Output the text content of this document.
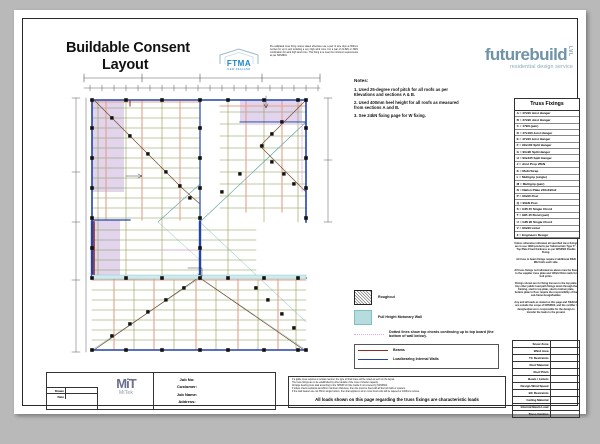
Buildable Consent
Layout	FTMA
NEW ZEALAND
Pre-nailplated truss fixing unless stated otherwise use a pair of wire clips at 600mm centres for up to and including a very high wind zone. For a pair of 21.8kN or 30kN combination for wind high wind zone. This fixing is to meet the minimum requirements as per NZS3604.	futurebuildLVL
residential design service
Notes:
1. Used 25-degree roof pitch for all roofs as per Elevations and sections A & B.
2. Used 400mm heel height for all roofs as measured from sections A and B.
3. See 24kN fixing page for W fixing.
Roughcut
Full Height Motonary Wall
Dotted lines show top chords continuing up to top board (the bottom of wall below).
Beams
Loadbearing Internal Walls
Truss Fixings
A = 47x90 Joist Hanger
B = 47x90 Joist Hanger
C = 17kN (pair)
D = 47x190 Joist Hanger
E = 47x90 Joist Hanger
F = 90x100 Split Hanger
G = 90x90 Split Hanger
H = 90x235 Split Hanger
J = Joist Prop 25kN
K = Multi Strap
L = Multigrip (single)
M = Multigrip (pair)
N = Nailon Plate 240x190x2
P = 90x90 Post
Q = 90kN Post
S = GIB 45 Single Chord
T = GIB 45 Bond (pair)
U = GIB 90 Single Chord
V = 90x90 Lintel
Z = Engineers Design
Unless otherwise indicated, all specified truss fixings are to use 12kN products per Substructure Type 'F' - Top Plate Fixed thickness as per NZS3604 Double Fixing.
All truss to beam fixings require 2 additional 30kN M12 bolts each side.
All truss fixings not indicated as above must be fixed to the supplier truss plate and 100x3.15mm nails for bolt joints.
Fixings shown are for fixing trusses to the top plate. Any other public load path fixings down through the framing, stud to top plate, stud to bottom plate, bottom plate to floor require the responsibility of the sub-frame design/builder.
Any and all loads as stated on this page and 70kN kN are outside the scope of NZS3604, and the certifier / designer/person is responsible for the design to transfer the loads to the ground.
Snow Zone
Wind Area
TC Restraints
Roof Material
Roof Pitch
Beam / Lintels
Design Wind Speed
BC Restraints
Ceiling Material
Internal Beam Load
Truss Centres
MiT
MiTek
Drawn
Date
Job No:
Customer:
Job Name:
Address:
If a gable truss requires a vertical member, the type of lintel brace will be noted as such on the layout.
The truss fixings are to be established by other details of the zone of shelter capacity.
All large bearing truss load according to the NZS36 On-Site Guide if not covered by NZS3604.
If others check restraints and 20mm minimum thickness, then the must be fixed with all the bolt nails or spacers.
If the load bearers are not 35mm single bottom, then that applies to all or cross bond units will be tapered or 1000mm centres.
All loads shown on this page regarding the truss fixings are characteristic loads
